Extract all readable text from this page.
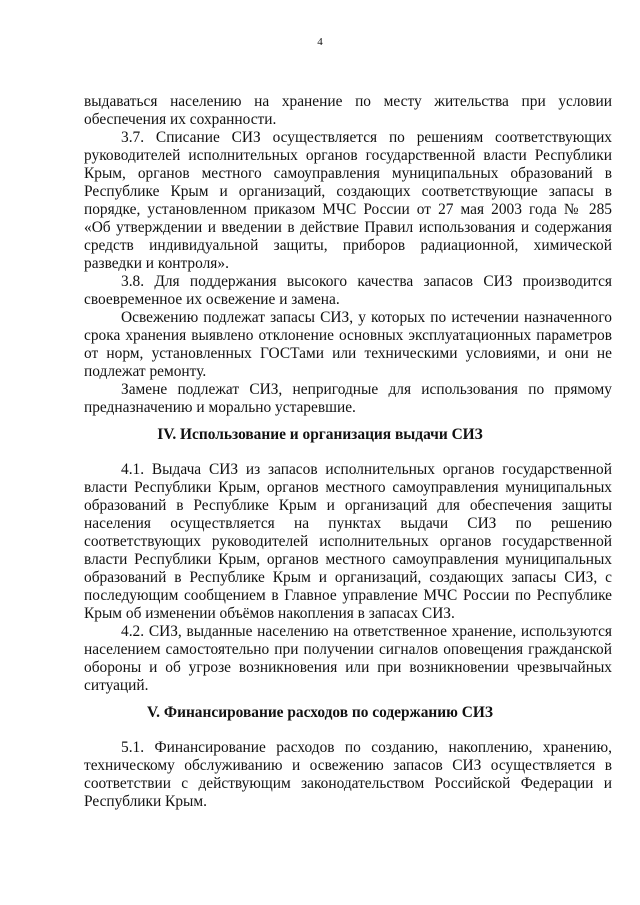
4
выдаваться населению на хранение по месту жительства при условии
обеспечения их сохранности.
3.7. Списание СИЗ осуществляется по решениям соответствующих
руководителей исполнительных органов государственной власти Республики
Крым, органов местного самоуправления муниципальных образований в
Республике Крым и организаций, создающих соответствующие запасы в
порядке, установленном приказом МЧС России от 27 мая 2003 года № 285
«Об утверждении и введении в действие Правил использования и содержания
средств индивидуальной защиты, приборов радиационной, химической
разведки и контроля».
3.8. Для поддержания высокого качества запасов СИЗ производится
своевременное их освежение и замена.
Освежению подлежат запасы СИЗ, у которых по истечении назначенного
срока хранения выявлено отклонение основных эксплуатационных параметров
от норм, установленных ГОСТами или техническими условиями, и они не
подлежат ремонту.
Замене подлежат СИЗ, непригодные для использования по прямому
предназначению и морально устаревшие.
IV. Использование и организация выдачи СИЗ
4.1. Выдача СИЗ из запасов исполнительных органов государственной
власти Республики Крым, органов местного самоуправления муниципальных
образований в Республике Крым и организаций для обеспечения защиты
населения осуществляется на пунктах выдачи СИЗ по решению
соответствующих руководителей исполнительных органов государственной
власти Республики Крым, органов местного самоуправления муниципальных
образований в Республике Крым и организаций, создающих запасы СИЗ, с
последующим сообщением в Главное управление МЧС России по Республике
Крым об изменении объёмов накопления в запасах СИЗ.
4.2. СИЗ, выданные населению на ответственное хранение, используются
населением самостоятельно при получении сигналов оповещения гражданской
обороны и об угрозе возникновения или при возникновении чрезвычайных
ситуаций.
V. Финансирование расходов по содержанию СИЗ
5.1. Финансирование расходов по созданию, накоплению, хранению,
техническому обслуживанию и освежению запасов СИЗ осуществляется в
соответствии с действующим законодательством Российской Федерации и
Республики Крым.
